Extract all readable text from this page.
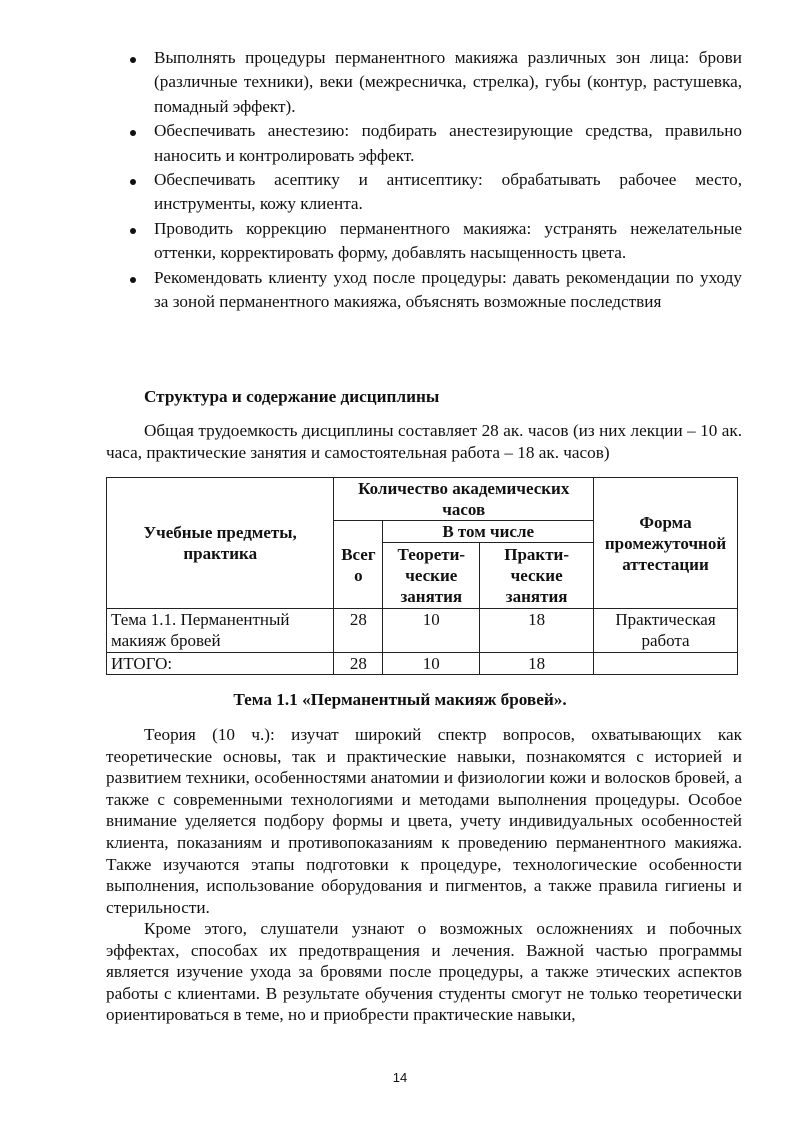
Выполнять процедуры перманентного макияжа различных зон лица: брови (различные техники), веки (межресничка, стрелка), губы (контур, растушевка, помадный эффект).
Обеспечивать анестезию: подбирать анестезирующие средства, правильно наносить и контролировать эффект.
Обеспечивать асептику и антисептику: обрабатывать рабочее место, инструменты, кожу клиента.
Проводить коррекцию перманентного макияжа: устранять нежелательные оттенки, корректировать форму, добавлять насыщенность цвета.
Рекомендовать клиенту уход после процедуры: давать рекомендации по уходу за зоной перманентного макияжа, объяснять возможные последствия
Структура и содержание дисциплины

Общая трудоемкость дисциплины составляет 28 ак. часов (из них лекции – 10 ак. часа, практические занятия и самостоятельная работа – 18 ак. часов)

Учебные предметы, практика	Количество академических часов			Форма промежуточной аттестации
	Всего	В том числе		
		Теорети-ческие занятия	Практи-ческие занятия	
Тема 1.1. Перманентный макияж бровей	28	10	18	Практическая работа
ИТОГО:	28	10	18	
Тема 1.1 «Перманентный макияж бровей».

Теория (10 ч.): изучат широкий спектр вопросов, охватывающих как теоретические основы, так и практические навыки, познакомятся с историей и развитием техники, особенностями анатомии и физиологии кожи и волосков бровей, а также с современными технологиями и методами выполнения процедуры. Особое внимание уделяется подбору формы и цвета, учету индивидуальных особенностей клиента, показаниям и противопоказаниям к проведению перманентного макияжа. Также изучаются этапы подготовки к процедуре, технологические особенности выполнения, использование оборудования и пигментов, а также правила гигиены и стерильности.

Кроме этого, слушатели узнают о возможных осложнениях и побочных эффектах, способах их предотвращения и лечения. Важной частью программы является изучение ухода за бровями после процедуры, а также этических аспектов работы с клиентами. В результате обучения студенты смогут не только теоретически ориентироваться в теме, но и приобрести практические навыки,

14
